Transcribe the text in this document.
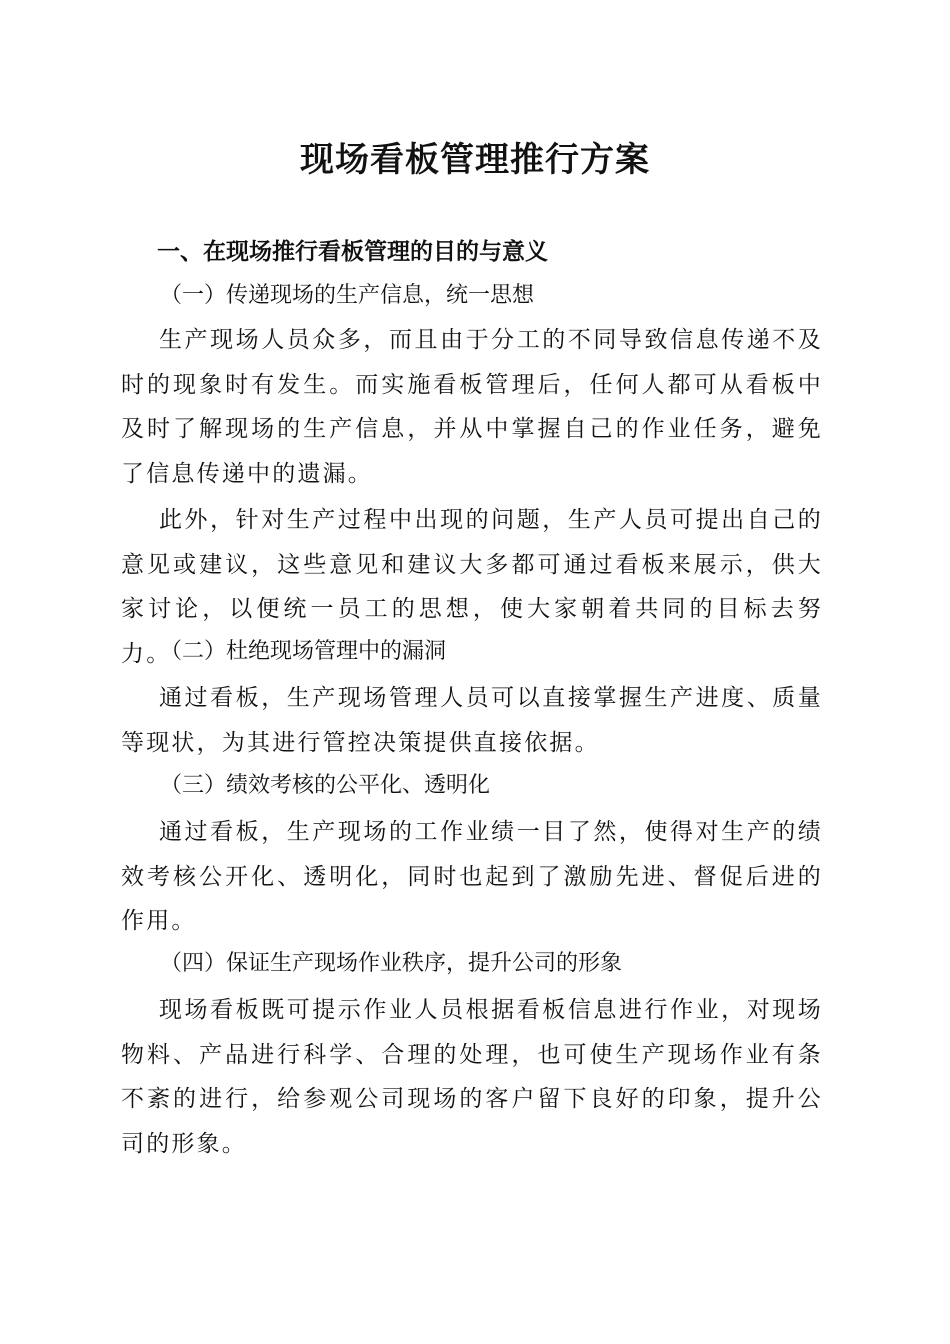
现场看板管理推行方案
一、在现场推行看板管理的目的与意义
（一）传递现场的生产信息，统一思想
生产现场人员众多，而且由于分工的不同导致信息传递不及时的现象时有发生。而实施看板管理后，任何人都可从看板中及时了解现场的生产信息，并从中掌握自己的作业任务，避免了信息传递中的遗漏。
此外，针对生产过程中出现的问题，生产人员可提出自己的意见或建议，这些意见和建议大多都可通过看板来展示，供大家讨论，以便统一员工的思想，使大家朝着共同的目标去努力。
（二）杜绝现场管理中的漏洞
通过看板，生产现场管理人员可以直接掌握生产进度、质量等现状，为其进行管控决策提供直接依据。
（三）绩效考核的公平化、透明化
通过看板，生产现场的工作业绩一目了然，使得对生产的绩效考核公开化、透明化，同时也起到了激励先进、督促后进的作用。
（四）保证生产现场作业秩序，提升公司的形象
现场看板既可提示作业人员根据看板信息进行作业，对现场物料、产品进行科学、合理的处理，也可使生产现场作业有条不紊的进行，给参观公司现场的客户留下良好的印象，提升公司的形象。
